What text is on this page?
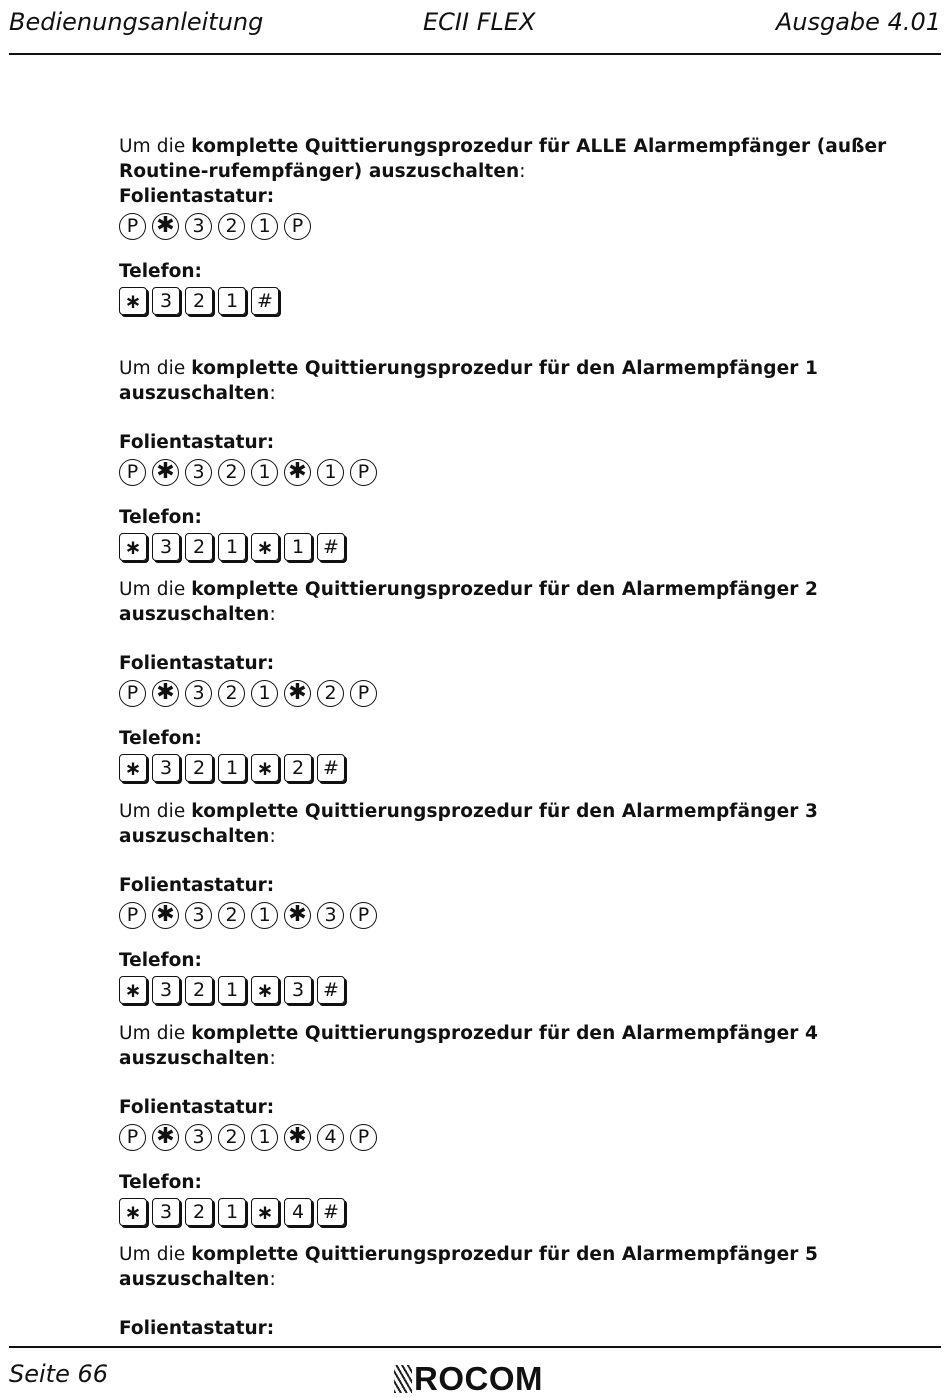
Bedienungsanleitung	ECII FLEX	Ausgabe 4.01
Um die komplette Quittierungsprozedur für ALLE Alarmempfänger (außer Routine-rufempfänger) auszuschalten:
Folientastatur:
P ✱ 3	2	1	P
Telefon:
∗ 3	2	1 #
Um die komplette Quittierungsprozedur für den Alarmempfänger 1 auszuschalten:
Folientastatur:
P ✱ 3	2	1 ✱ 1	P
Telefon:
∗ 3	2	1 ∗ 1 #
Um die komplette Quittierungsprozedur für den Alarmempfänger 2 auszuschalten:
Folientastatur:
P ✱ 3	2	1 ✱ 2	P
Telefon:
∗ 3	2	1 ∗ 2 #
Um die komplette Quittierungsprozedur für den Alarmempfänger 3 auszuschalten:
Folientastatur:
P ✱ 3	2	1 ✱ 3	P
Telefon:
∗ 3	2	1 ∗ 3 #
Um die komplette Quittierungsprozedur für den Alarmempfänger 4 auszuschalten:
Folientastatur:
P ✱ 3	2	1 ✱ 4	P
Telefon:
∗ 3	2	1 ∗ 4 #
Um die komplette Quittierungsprozedur für den Alarmempfänger 5 auszuschalten:
Folientastatur:
Seite 66	ROCOM
